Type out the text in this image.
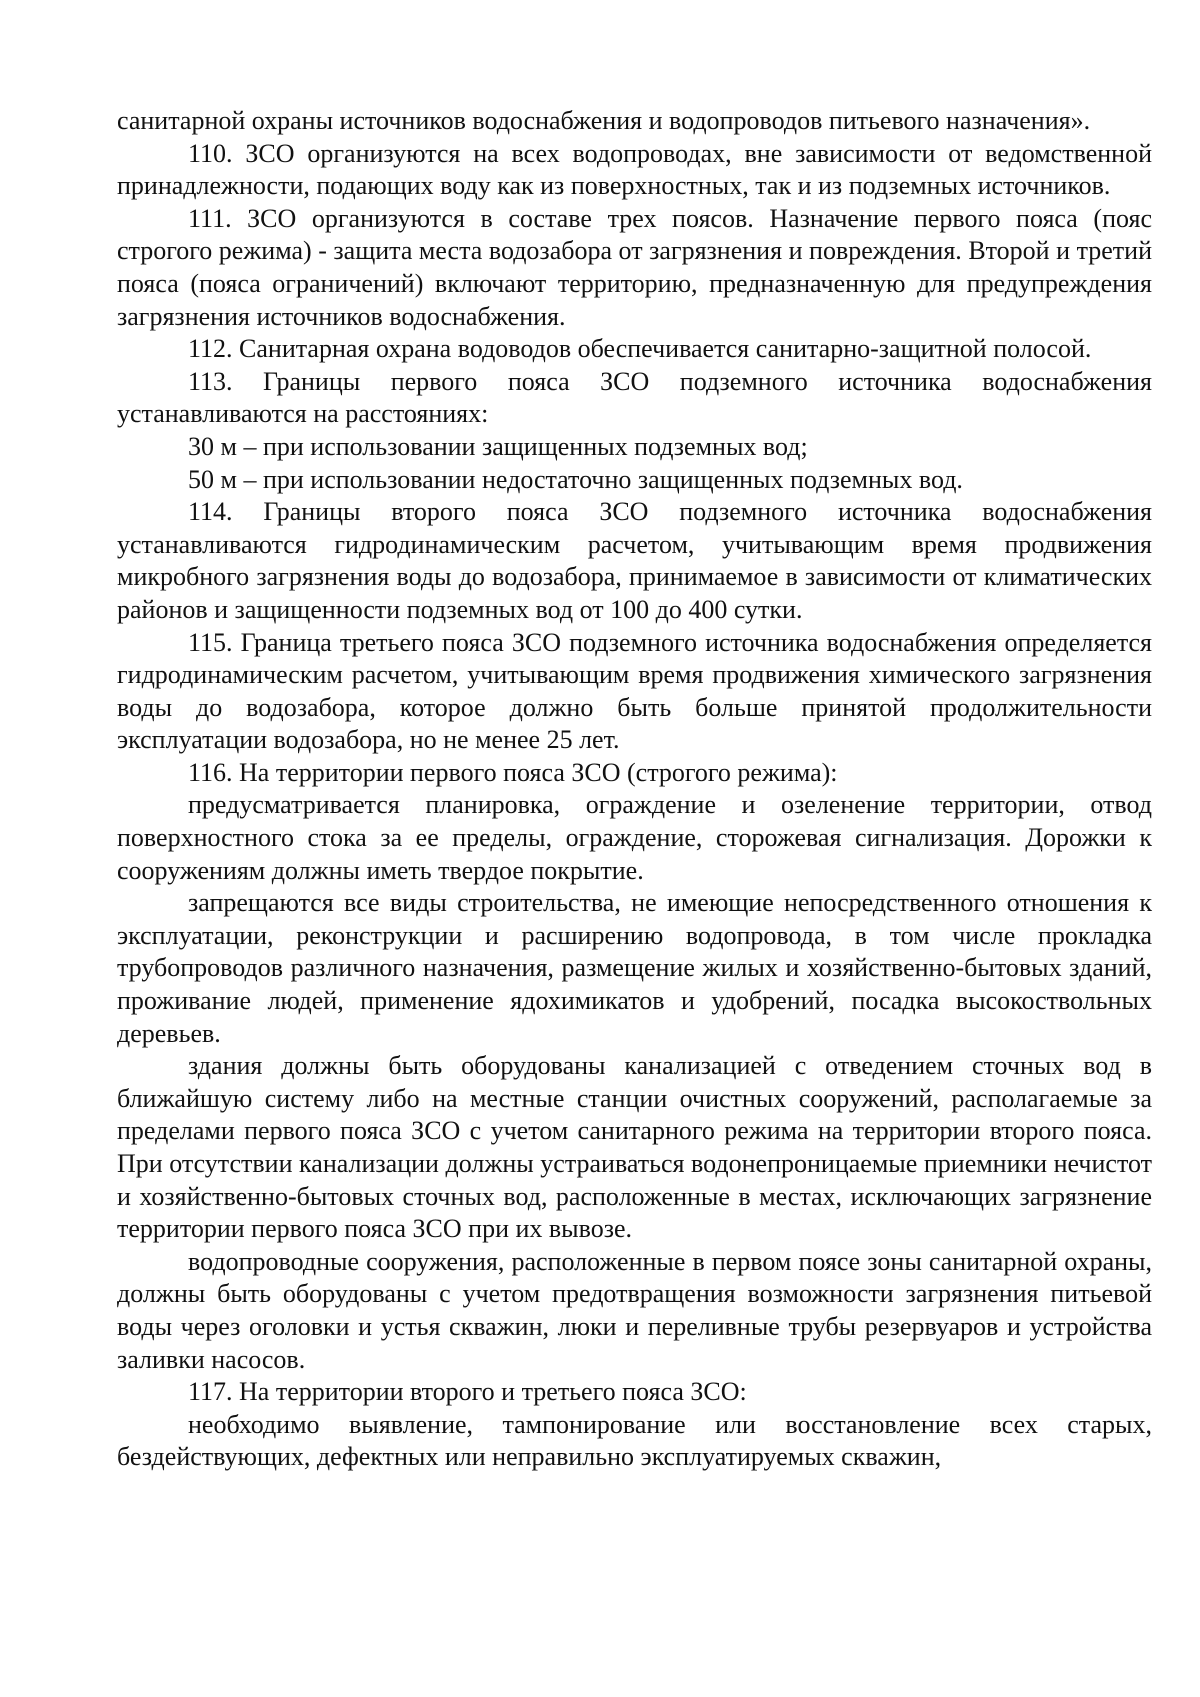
санитарной охраны источников водоснабжения и водопроводов питьевого назначения».

110. ЗСО организуются на всех водопроводах, вне зависимости от ведомственной принадлежности, подающих воду как из поверхностных, так и из подземных источников.

111. ЗСО организуются в составе трех поясов. Назначение первого пояса (пояс строгого режима) - защита места водозабора от загрязнения и повреждения. Второй и третий пояса (пояса ограничений) включают территорию, предназначенную для предупреждения загрязнения источников водоснабжения.

112. Санитарная охрана водоводов обеспечивается санитарно-защитной полосой.

113. Границы первого пояса ЗСО подземного источника водоснабжения устанавливаются на расстояниях:

30 м – при использовании защищенных подземных вод;

50 м – при использовании недостаточно защищенных подземных вод.

114. Границы второго пояса ЗСО подземного источника водоснабжения устанавливаются гидродинамическим расчетом, учитывающим время продвижения микробного загрязнения воды до водозабора, принимаемое в зависимости от климатических районов и защищенности подземных вод от 100 до 400 сутки.

115. Граница третьего пояса ЗСО подземного источника водоснабжения определяется гидродинамическим расчетом, учитывающим время продвижения химического загрязнения воды до водозабора, которое должно быть больше принятой продолжительности эксплуатации водозабора, но не менее 25 лет.

116. На территории первого пояса ЗСО (строгого режима):

предусматривается планировка, ограждение и озеленение территории, отвод поверхностного стока за ее пределы, ограждение, сторожевая сигнализация. Дорожки к сооружениям должны иметь твердое покрытие.

запрещаются все виды строительства, не имеющие непосредственного отношения к эксплуатации, реконструкции и расширению водопровода, в том числе прокладка трубопроводов различного назначения, размещение жилых и хозяйственно-бытовых зданий, проживание людей, применение ядохимикатов и удобрений, посадка высокоствольных деревьев.

здания должны быть оборудованы канализацией с отведением сточных вод в ближайшую систему либо на местные станции очистных сооружений, располагаемые за пределами первого пояса ЗСО с учетом санитарного режима на территории второго пояса. При отсутствии канализации должны устраиваться водонепроницаемые приемники нечистот и хозяйственно-бытовых сточных вод, расположенные в местах, исключающих загрязнение территории первого пояса ЗСО при их вывозе.

водопроводные сооружения, расположенные в первом поясе зоны санитарной охраны, должны быть оборудованы с учетом предотвращения возможности загрязнения питьевой воды через оголовки и устья скважин, люки и переливные трубы резервуаров и устройства заливки насосов.

117. На территории второго и третьего пояса ЗСО:

необходимо выявление, тампонирование или восстановление всех старых, бездействующих, дефектных или неправильно эксплуатируемых скважин,
